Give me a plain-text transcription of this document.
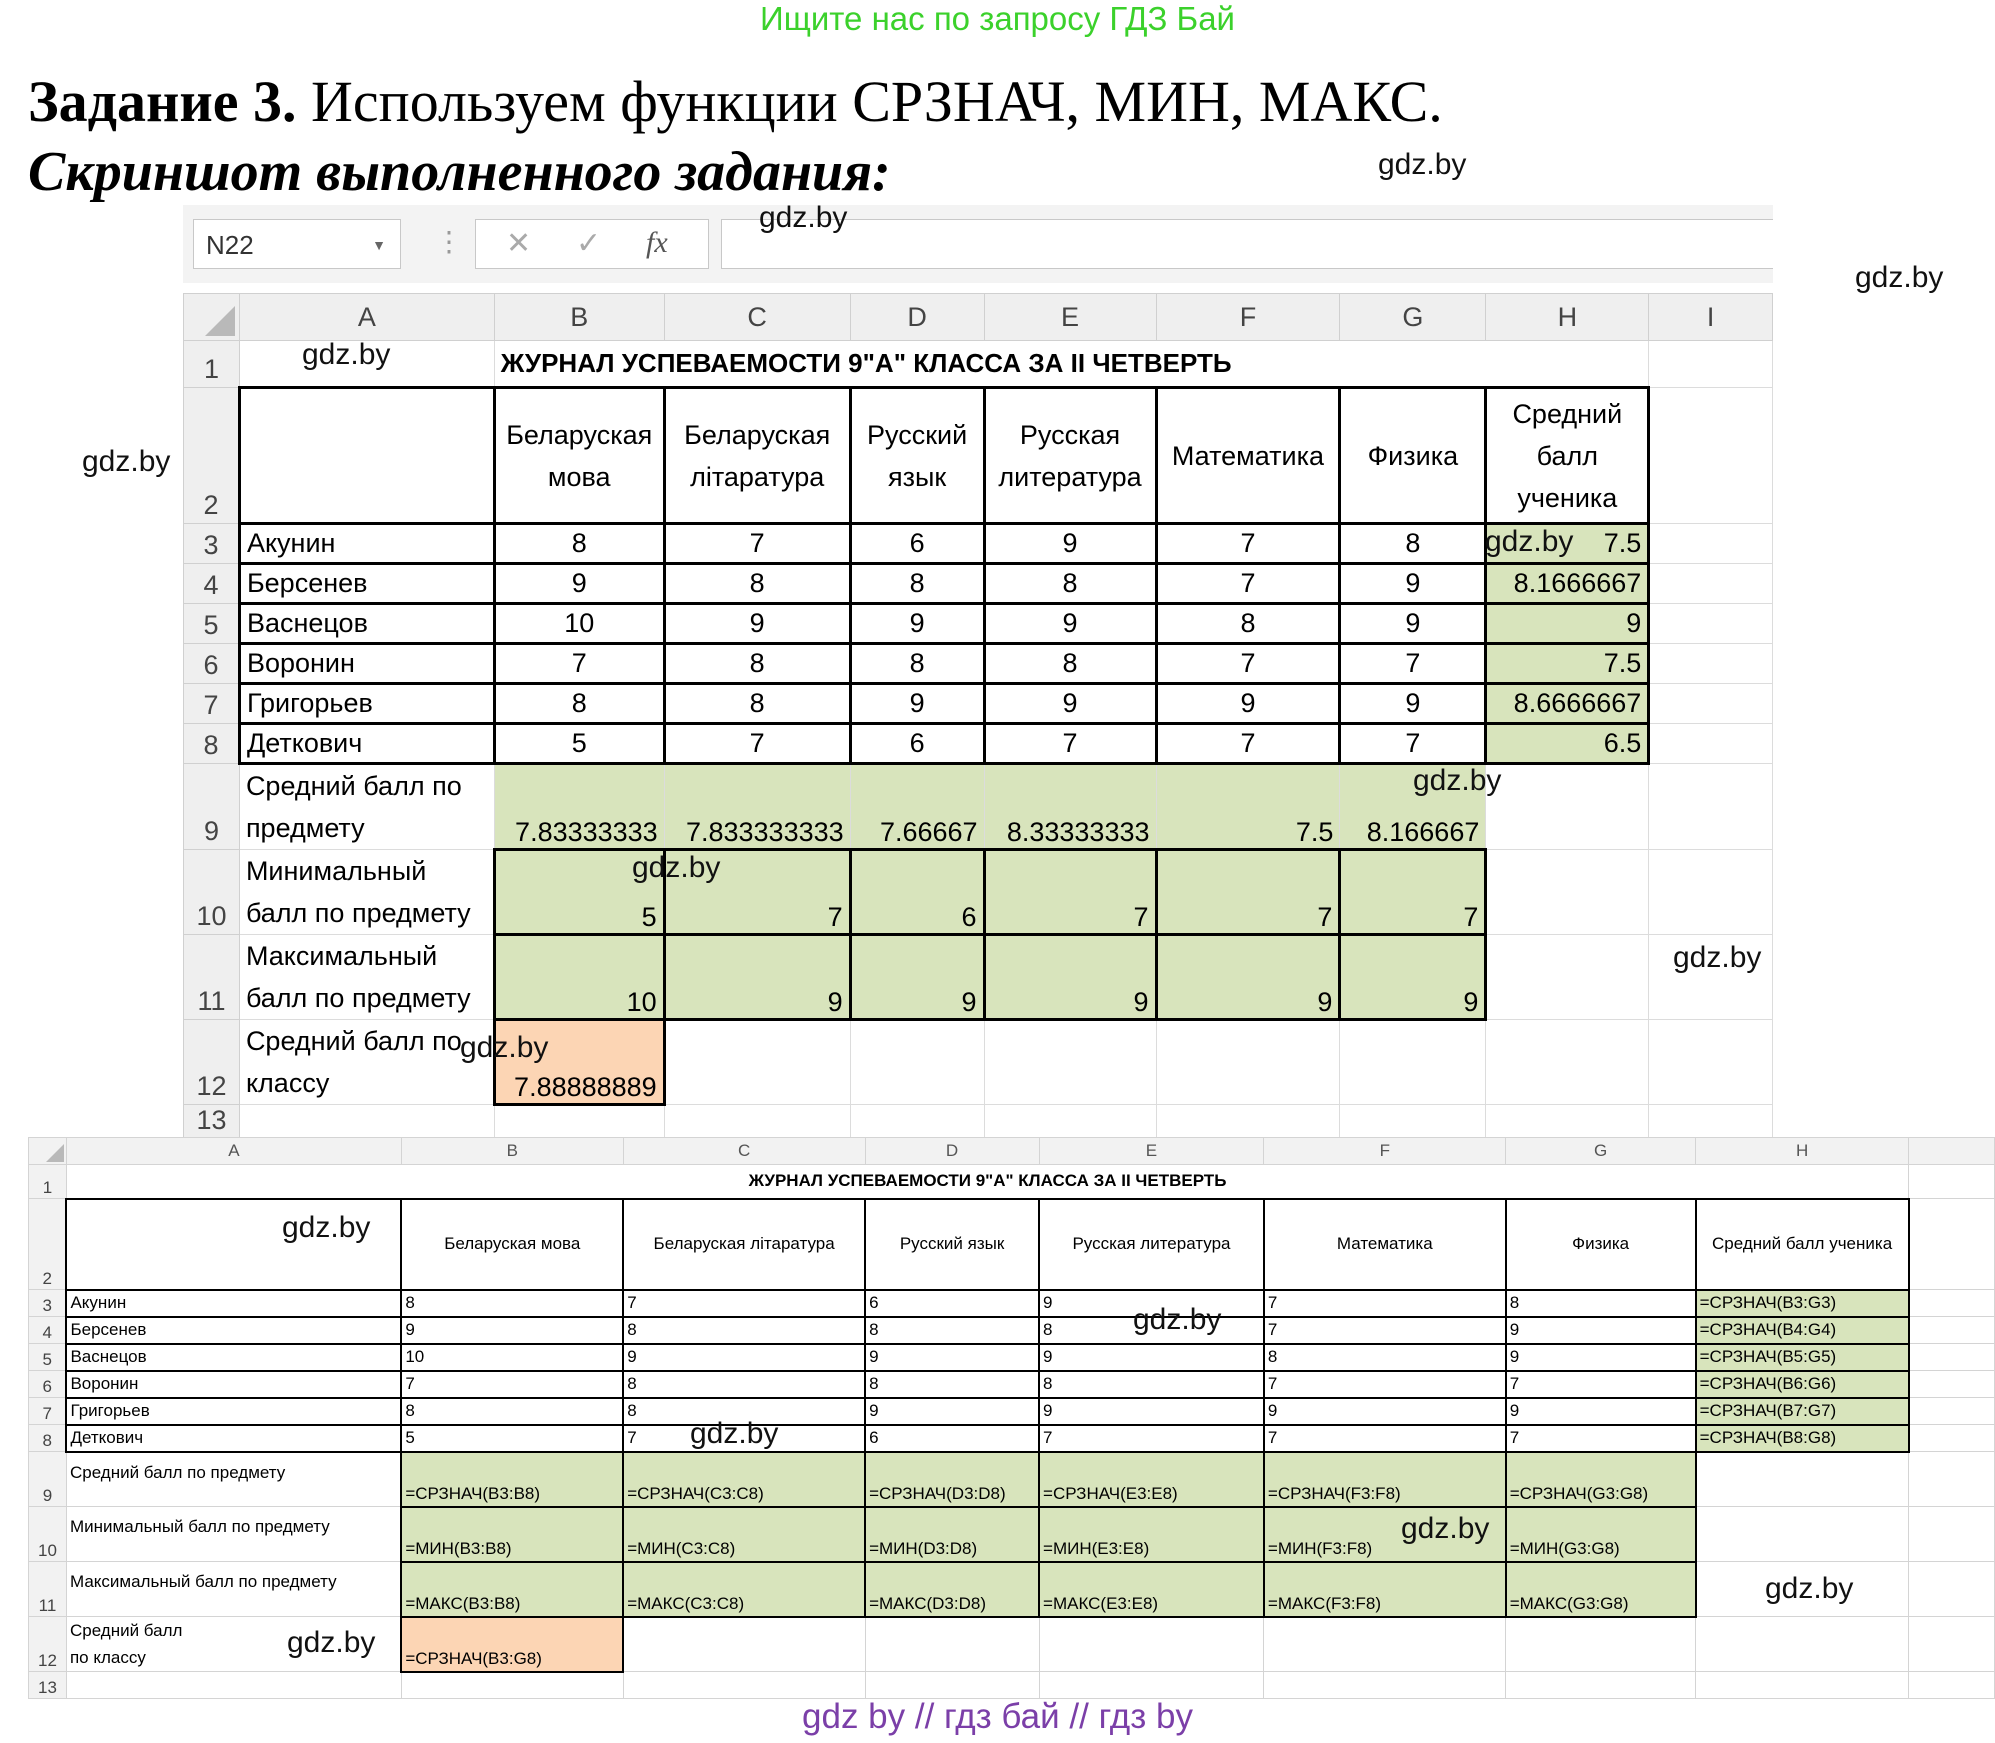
Ищите нас по запросу ГДЗ Бай
Задание 3. Используем функции СРЗНАЧ, МИН, МАКС.
Скриншот выполненного задания:
N22	▼ ⋮ ✕ ✓ fx
	A	B	C	D	E	F	G	H	I
1		ЖУРНАЛ УСПЕВАЕМОСТИ 9"А" КЛАССА ЗА II ЧЕТВЕРТЬ							
2		Беларуская мова	Беларуская літаратура	Русский язык	Русская литература	Математика	Физика	Средний балл ученика	
3	Акунин	8	7	6	9	7	8	7.5	
4	Берсенев	9	8	8	8	7	9	8.1666667	
5	Васнецов	10	9	9	9	8	9	9	
6	Воронин	7	8	8	8	7	7	7.5	
7	Григорьев	8	8	9	9	9	9	8.6666667	
8	Деткович	5	7	6	7	7	7	6.5	
9	Средний балл по предмету	7.83333333	7.833333333	7.66667	8.33333333	7.5	8.166667		
10	Минимальный балл по предмету	5	7	6	7	7	7		
11	Максимальный балл по предмету	10	9	9	9	9	9		
12	Средний балл по классу	7.88888889							
13									
	A	B	C	D	E	F	G	H	
1	ЖУРНАЛ УСПЕВАЕМОСТИ 9"А" КЛАССА ЗА II ЧЕТВЕРТЬ								
2		Беларуская мова	Беларуская літаратура	Русский язык	Русская литература	Математика	Физика	Средний балл ученика	
3	Акунин	8	7	6	9	7	8	=СРЗНАЧ(B3:G3)	
4	Берсенев	9	8	8	8	7	9	=СРЗНАЧ(B4:G4)	
5	Васнецов	10	9	9	9	8	9	=СРЗНАЧ(B5:G5)	
6	Воронин	7	8	8	8	7	7	=СРЗНАЧ(B6:G6)	
7	Григорьев	8	8	9	9	9	9	=СРЗНАЧ(B7:G7)	
8	Деткович	5	7	6	7	7	7	=СРЗНАЧ(B8:G8)	
9	Средний балл по предмету	=СРЗНАЧ(B3:B8)	=СРЗНАЧ(C3:C8)	=СРЗНАЧ(D3:D8)	=СРЗНАЧ(E3:E8)	=СРЗНАЧ(F3:F8)	=СРЗНАЧ(G3:G8)		
10	Минимальный балл по предмету	=МИН(B3:B8)	=МИН(C3:C8)	=МИН(D3:D8)	=МИН(E3:E8)	=МИН(F3:F8)	=МИН(G3:G8)		
11	Максимальный балл по предмету	=МАКС(B3:B8)	=МАКС(C3:C8)	=МАКС(D3:D8)	=МАКС(E3:E8)	=МАКС(F3:F8)	=МАКС(G3:G8)		
12	Средний балл
по классу	=СРЗНАЧ(B3:G8)							
13									
gdz.by
gdz.by
gdz.by
gdz.by
gdz.by
gdz.by
gdz.by
gdz.by
gdz.by
gdz.by
gdz.by
gdz.by
gdz.by
gdz.by
gdz.by
gdz.by
gdz by // гдз бай // гдз by
